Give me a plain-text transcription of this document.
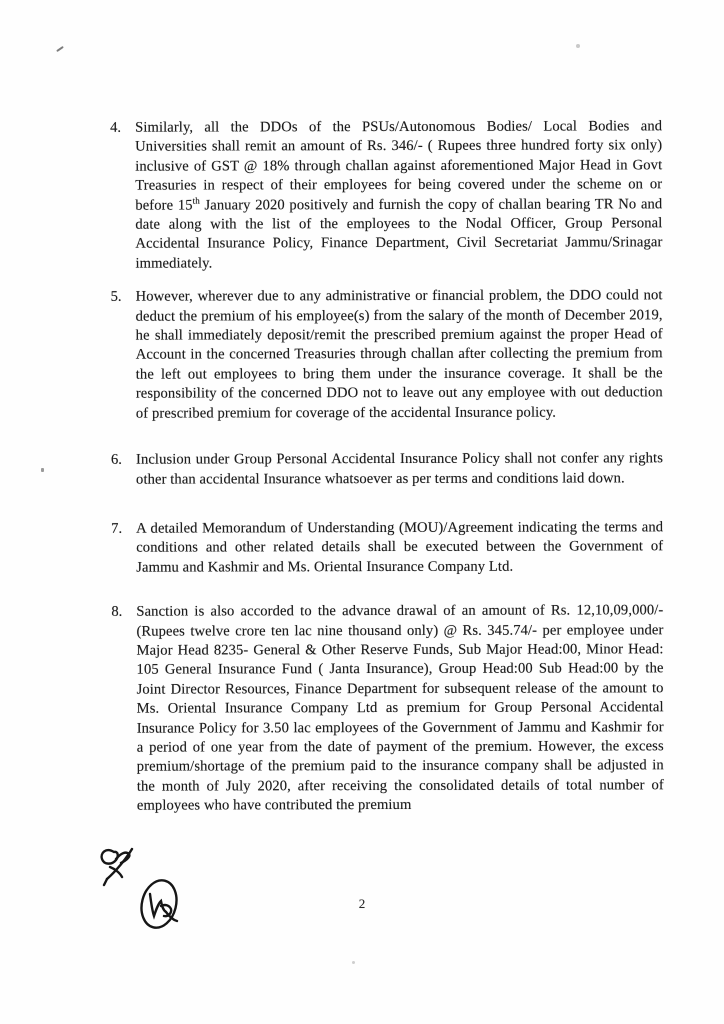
4. Similarly, all the DDOs of the PSUs/Autonomous Bodies/ Local Bodies and Universities shall remit an amount of Rs. 346/- ( Rupees three hundred forty six only) inclusive of GST @ 18% through challan against aforementioned Major Head in Govt Treasuries in respect of their employees for being covered under the scheme on or before 15th January 2020 positively and furnish the copy of challan bearing TR No and date along with the list of the employees to the Nodal Officer, Group Personal Accidental Insurance Policy, Finance Department, Civil Secretariat Jammu/Srinagar immediately.

5. However, wherever due to any administrative or financial problem, the DDO could not deduct the premium of his employee(s) from the salary of the month of December 2019, he shall immediately deposit/remit the prescribed premium against the proper Head of Account in the concerned Treasuries through challan after collecting the premium from the left out employees to bring them under the insurance coverage. It shall be the responsibility of the concerned DDO not to leave out any employee with out deduction of prescribed premium for coverage of the accidental Insurance policy.

6. Inclusion under Group Personal Accidental Insurance Policy shall not confer any rights other than accidental Insurance whatsoever as per terms and conditions laid down.

7. A detailed Memorandum of Understanding (MOU)/Agreement indicating the terms and conditions and other related details shall be executed between the Government of Jammu and Kashmir and Ms. Oriental Insurance Company Ltd.

8. Sanction is also accorded to the advance drawal of an amount of Rs. 12,10,09,000/- (Rupees twelve crore ten lac nine thousand only) @ Rs. 345.74/- per employee under Major Head 8235- General & Other Reserve Funds, Sub Major Head:00, Minor Head: 105 General Insurance Fund ( Janta Insurance), Group Head:00 Sub Head:00 by the Joint Director Resources, Finance Department for subsequent release of the amount to Ms. Oriental Insurance Company Ltd as premium for Group Personal Accidental Insurance Policy for 3.50 lac employees of the Government of Jammu and Kashmir for a period of one year from the date of payment of the premium. However, the excess premium/shortage of the premium paid to the insurance company shall be adjusted in the month of July 2020, after receiving the consolidated details of total number of employees who have contributed the premium

2
